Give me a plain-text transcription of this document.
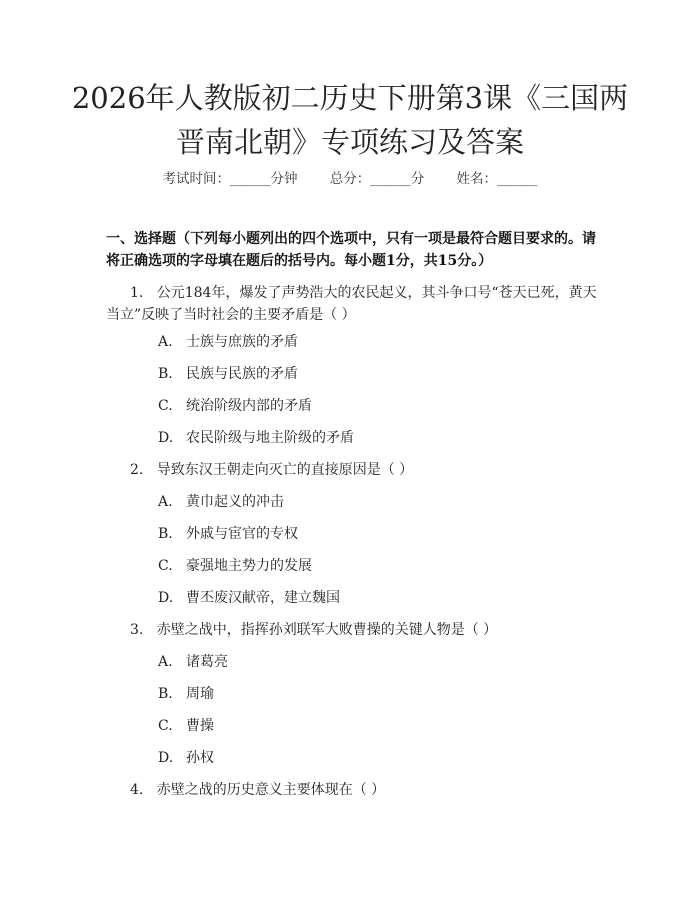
2026年人教版初二历史下册第3课《三国两
晋南北朝》专项练习及答案
考试时间：______分钟 总分：______分 姓名：______
一、选择题（下列每小题列出的四个选项中，只有一项是最符合题目要求的。请
将正确选项的字母填在题后的括号内。每小题1分，共15分。）
1. 公元184年，爆发了声势浩大的农民起义，其斗争口号“苍天已死，黄天
当立”反映了当时社会的主要矛盾是（ ）
A. 士族与庶族的矛盾
B. 民族与民族的矛盾
C. 统治阶级内部的矛盾
D. 农民阶级与地主阶级的矛盾
2. 导致东汉王朝走向灭亡的直接原因是（ ）
A. 黄巾起义的冲击
B. 外戚与宦官的专权
C. 豪强地主势力的发展
D. 曹丕废汉献帝，建立魏国
3. 赤壁之战中，指挥孙刘联军大败曹操的关键人物是（ ）
A. 诸葛亮
B. 周瑜
C. 曹操
D. 孙权
4. 赤壁之战的历史意义主要体现在（ ）
